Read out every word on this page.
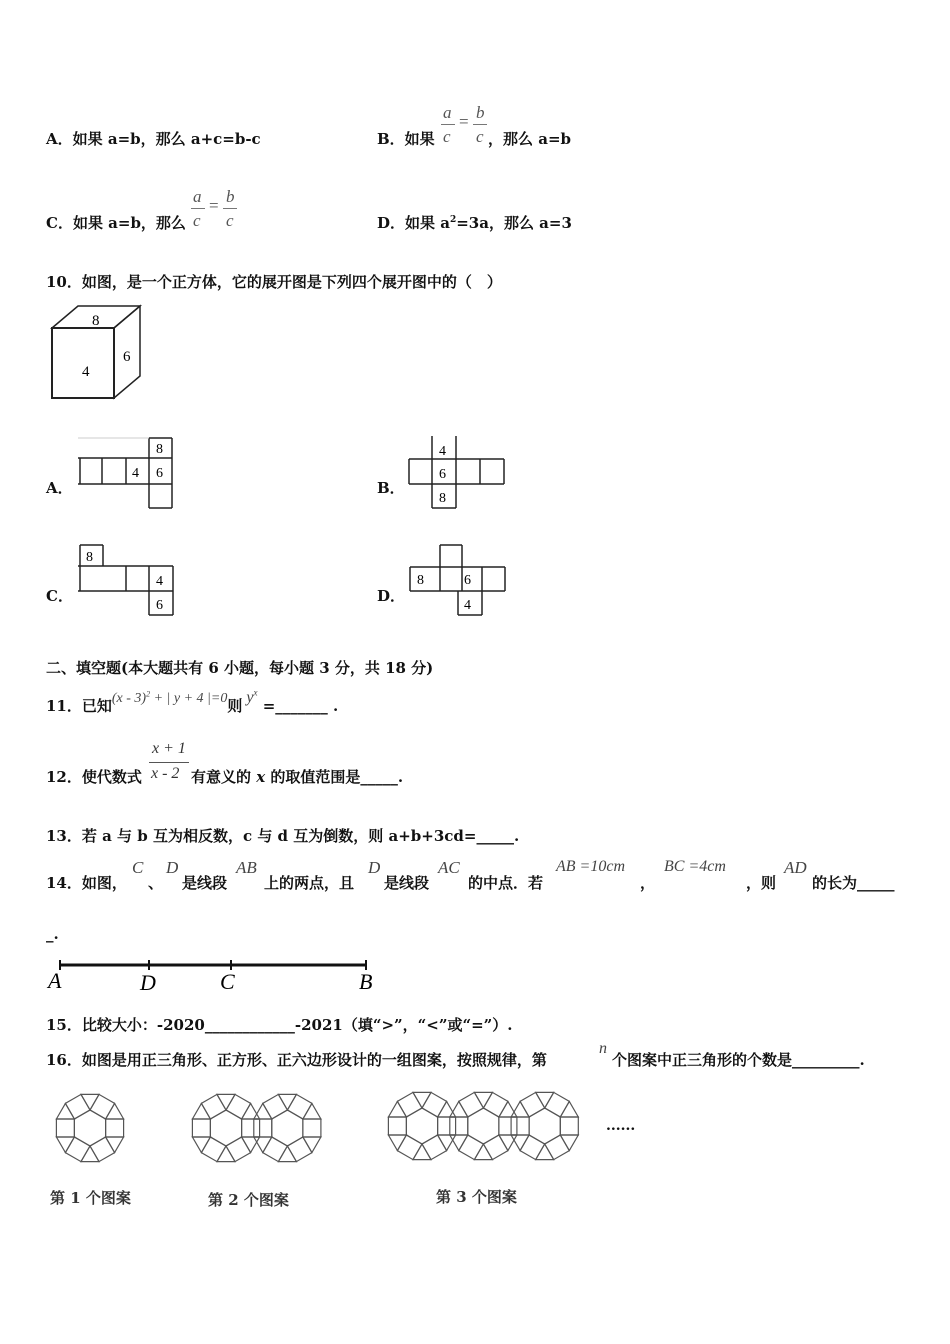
A．如果 a=b，那么 a+c=b-c	B．如果
a
c
= b
c ，那么 a=b
C．如果 a=b，那么
a
c
= b
c	D．如果 $a^2=3a$，那么 a=3
10．如图，是一个正方体，它的展开图是下列四个展开图中的（　）
8
4
6
A．
8
4 6
B．
4
6
8
C．
8
4
6
D．
8	6
4
二、填空题(本大题共有 6 小题，每小题 3 分，共 18 分)
11．已知(x - 3)$^2$ + | y + 4 |=0则 $y^x$ =_______ .
12．使代数式
x + 1
x - 2 有意义的 x 的取值范围是_____.
13．若 a 与 b 互为相反数，c 与 d 互为倒数，则 a+b+3cd=_____.
14．如图，
C
、
D
是线段
AB
上的两点，且
D
是线段
AC
的中点．若
AB =10cm
，
BC =4cm
，则
AD
的长为_____
_.
A	D	C	B
15．比较大小：-2020____________-2021（填“>”，“<”或“=”）.
16．如图是用正三角形、正方形、正六边形设计的一组图案，按照规律，第
n
个图案中正三角形的个数是_________.
第 1 个图案	第 2 个图案	第 3 个图案
......
